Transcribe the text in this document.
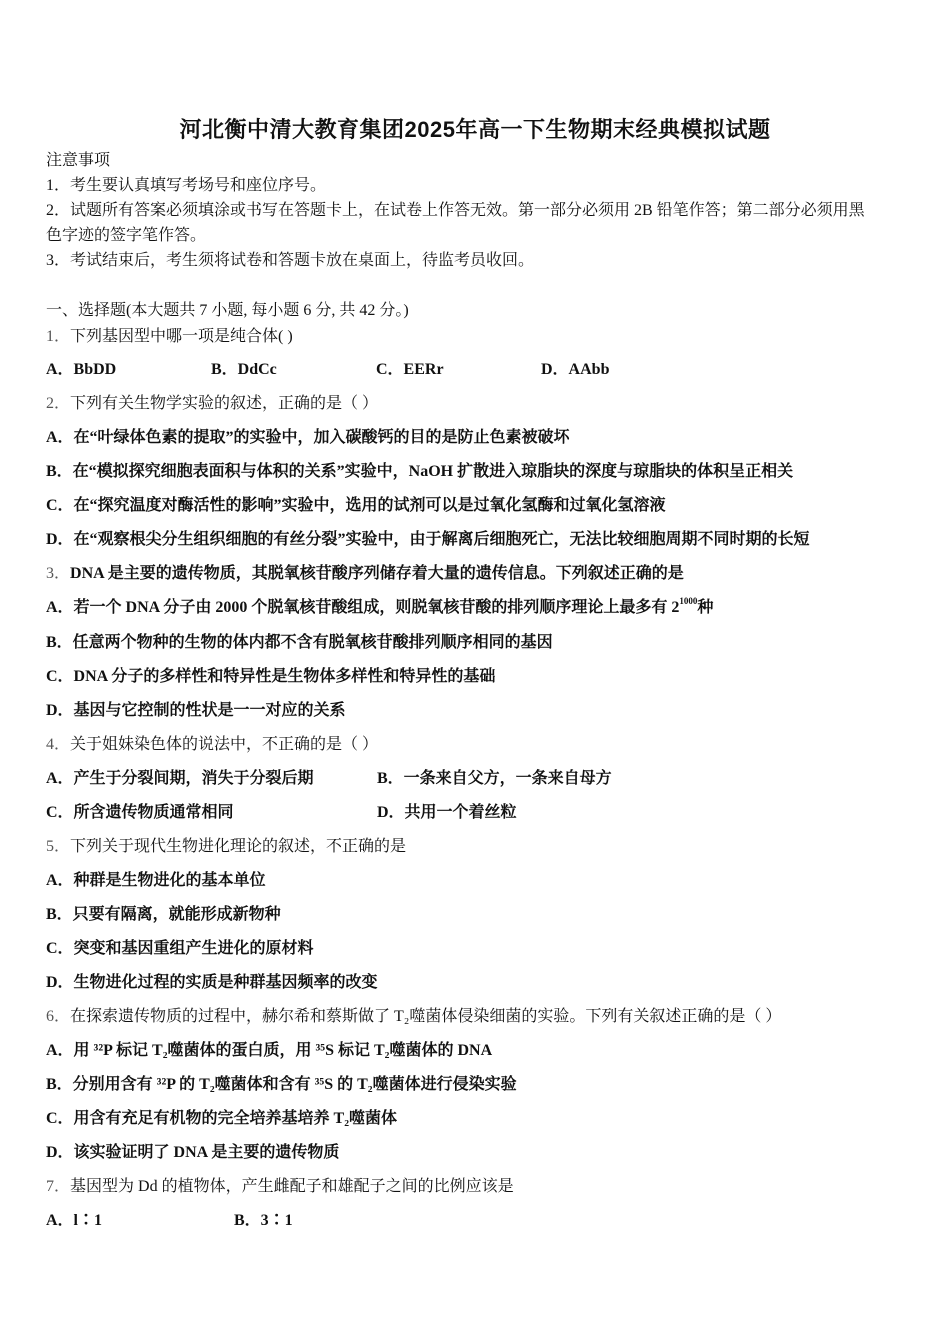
河北衡中清大教育集团2025年高一下生物期末经典模拟试题
注意事项
1．考生要认真填写考场号和座位序号。
2．试题所有答案必须填涂或书写在答题卡上，在试卷上作答无效。第一部分必须用 2B 铅笔作答；第二部分必须用黑
色字迹的签字笔作答。
3．考试结束后，考生须将试卷和答题卡放在桌面上，待监考员收回。
一、选择题(本大题共 7 小题, 每小题 6 分, 共 42 分。)
1．下列基因型中哪一项是纯合体( )
A．BbDD	B．DdCc	C．EERr	D．AAbb
2．下列有关生物学实验的叙述，正确的是（ ）
A．在“叶绿体色素的提取”的实验中，加入碳酸钙的目的是防止色素被破坏
B．在“模拟探究细胞表面积与体积的关系”实验中，NaOH 扩散进入琼脂块的深度与琼脂块的体积呈正相关
C．在“探究温度对酶活性的影响”实验中，选用的试剂可以是过氧化氢酶和过氧化氢溶液
D．在“观察根尖分生组织细胞的有丝分裂”实验中，由于解离后细胞死亡，无法比较细胞周期不同时期的长短
3．DNA 是主要的遗传物质，其脱氧核苷酸序列储存着大量的遗传信息。下列叙述正确的是
A．若一个 DNA 分子由 2000 个脱氧核苷酸组成，则脱氧核苷酸的排列顺序理论上最多有 $2^{1000}$种
B．任意两个物种的生物的体内都不含有脱氧核苷酸排列顺序相同的基因
C．DNA 分子的多样性和特异性是生物体多样性和特异性的基础
D．基因与它控制的性状是一一对应的关系
4．关于姐妹染色体的说法中，不正确的是（ ）
A．产生于分裂间期，消失于分裂后期	B．一条来自父方，一条来自母方
C．所含遗传物质通常相同	D．共用一个着丝粒
5．下列关于现代生物进化理论的叙述，不正确的是
A．种群是生物进化的基本单位
B．只要有隔离，就能形成新物种
C．突变和基因重组产生进化的原材料
D．生物进化过程的实质是种群基因频率的改变
6．在探索遗传物质的过程中，赫尔希和蔡斯做了 T₂噬菌体侵染细菌的实验。下列有关叙述正确的是（ ）
A．用 ³²P 标记 T₂噬菌体的蛋白质，用 ³⁵S 标记 T₂噬菌体的 DNA
B．分别用含有 ³²P 的 T₂噬菌体和含有 ³⁵S 的 T₂噬菌体进行侵染实验
C．用含有充足有机物的完全培养基培养 T₂噬菌体
D．该实验证明了 DNA 是主要的遗传物质
7．基因型为 Dd 的植物体，产生雌配子和雄配子之间的比例应该是
A．l∶1	B．3∶1
